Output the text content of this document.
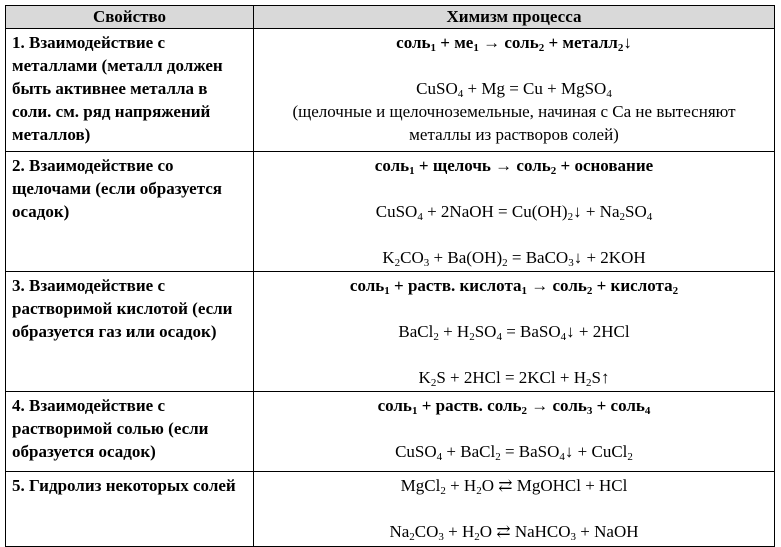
Свойство	Химизм процесса
1. Взаимодействие с металлами (металл должен быть активнее металла в соли. см. ряд напряжений металлов)	соль$_1$ + $ме_1$ → соль$_2$ + металл$_2$↓
CuSO$_4$ + Mg = Cu + MgSO$_4$
(щелочные и щелочноземельные, начиная с Са не вытесняют металлы из растворов солей)

2. Взаимодействие со щелочами (если образуется осадок)	соль$_1$ + щелочь → соль$_2$ + основание
CuSO$_4$ + 2NaOH = $Cu(OH)_2↓ + Na_2SO_4$
$K_2CO_3 + Ba(OH)_2$ = BaCO$_3$↓ + 2KOH

3. Взаимодействие с растворимой кислотой (если образуется газ или осадок)	соль$_1$ + раств. кислота$_1$ → соль$_2$ + кислота$_2$
BaCl$_2$ + $H_2SO_4$ = BaSO$_4$↓ + 2HCl
$K_2S + 2HCl = 2KCl$ + $H_2S↑$

4. Взаимодействие с растворимой солью (если образуется осадок)	соль$_1$ + раств. соль$_2$ → соль$_3$ + соль$_4$
CuSO$_4$ + BaCl$_2$ = BaSO$_4$↓ + CuCl$_2$

5. Гидролиз некоторых солей	MgCl$_2$ + $H_2O$ ⇄ MgOHCl + HCl
$Na_2CO_3 + H_2O$ ⇄ NaHCO$_3$ + NaOH
